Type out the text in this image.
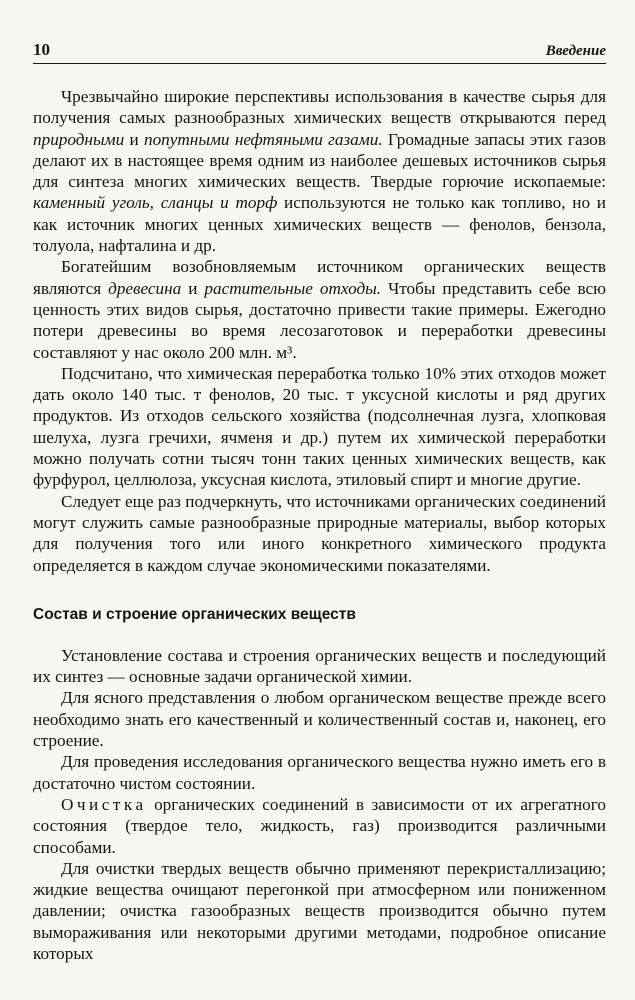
10	Введение

Чрезвычайно широкие перспективы использования в качестве сырья для получения самых разнообразных химических веществ открываются перед природными и попутными нефтяными газами. Громадные запасы этих газов делают их в настоящее время одним из наиболее дешевых источников сырья для синтеза многих химических веществ. Твердые горючие ископаемые: каменный уголь, сланцы и торф используются не только как топливо, но и как источник многих ценных химических веществ — фенолов, бензола, толуола, нафталина и др.

Богатейшим возобновляемым источником органических веществ являются древесина и растительные отходы. Чтобы представить себе всю ценность этих видов сырья, достаточно привести такие примеры. Ежегодно потери древесины во время лесозаготовок и переработки древесины составляют у нас около 200 млн. м³.

Подсчитано, что химическая переработка только 10% этих отходов может дать около 140 тыс. т фенолов, 20 тыс. т уксусной кислоты и ряд других продуктов. Из отходов сельского хозяйства (подсолнечная лузга, хлопковая шелуха, лузга гречихи, ячменя и др.) путем их химической переработки можно получать сотни тысяч тонн таких ценных химических веществ, как фурфурол, целлюлоза, уксусная кислота, этиловый спирт и многие другие.

Следует еще раз подчеркнуть, что источниками органических соединений могут служить самые разнообразные природные материалы, выбор которых для получения того или иного конкретного химического продукта определяется в каждом случае экономическими показателями.

Состав и строение органических веществ

Установление состава и строения органических веществ и последующий их синтез — основные задачи органической химии.

Для ясного представления о любом органическом веществе прежде всего необходимо знать его качественный и количественный состав и, наконец, его строение.

Для проведения исследования органического вещества нужно иметь его в достаточно чистом состоянии.

Очистка органических соединений в зависимости от их агрегатного состояния (твердое тело, жидкость, газ) производится различными способами.

Для очистки твердых веществ обычно применяют перекристаллизацию; жидкие вещества очищают перегонкой при атмосферном или пониженном давлении; очистка газообразных веществ производится обычно путем вымораживания или некоторыми другими методами, подробное описание которых
